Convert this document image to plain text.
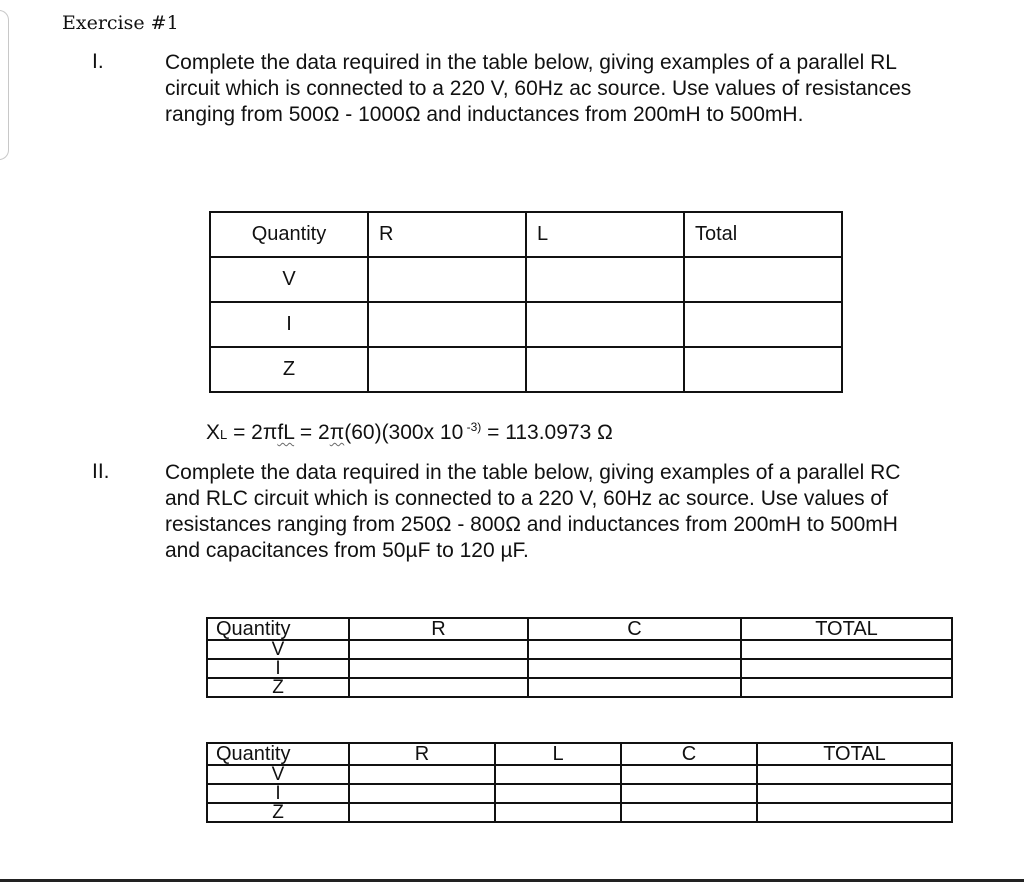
Exercise #1
I.	Complete the data required in the table below, giving examples of a parallel RL circuit which is connected to a 220 V, 60Hz ac source. Use values of resistances ranging from 500Ω - 1000Ω and inductances from 200mH to 500mH.
Quantity	R	L	Total
V			
I			
Z			
XL = 2πfL = 2π(60)(300x 10 $^{-3)}$ = 113.0973 Ω
II.	Complete the data required in the table below, giving examples of a parallel RC and RLC circuit which is connected to a 220 V, 60Hz ac source. Use values of resistances ranging from 250Ω - 800Ω and inductances from 200mH to 500mH and capacitances from 50µF to 120 µF.
Quantity	R	C	TOTAL
V			
I			
Z			
Quantity	R	L	C	TOTAL
V				
I				
Z				
